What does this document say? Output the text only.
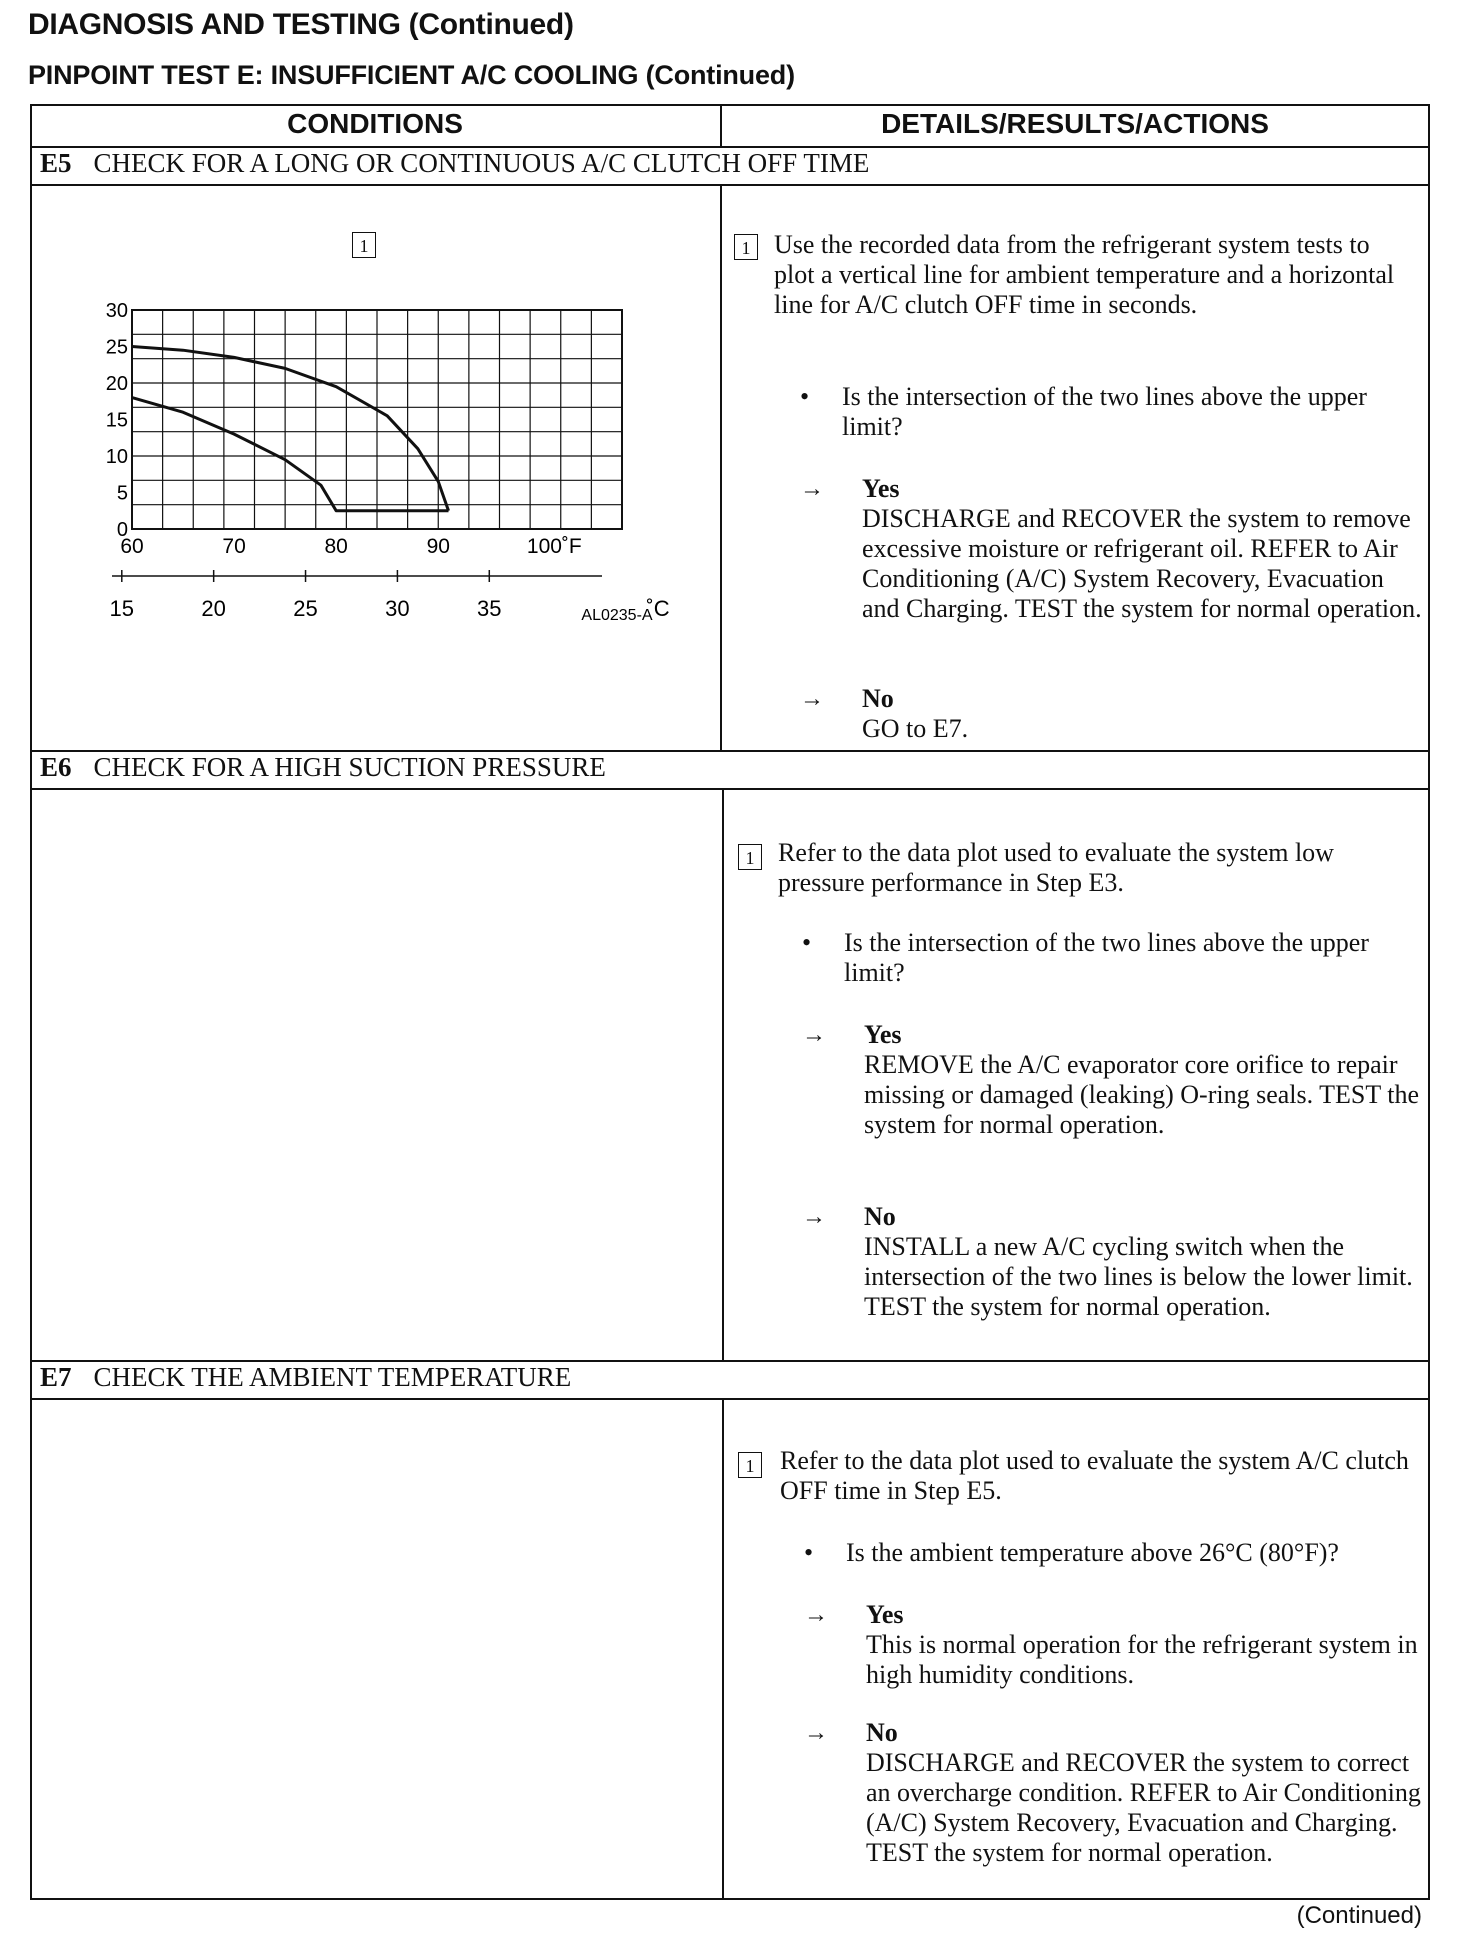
DIAGNOSIS AND TESTING (Continued)
PINPOINT TEST E: INSUFFICIENT A/C COOLING (Continued)
CONDITIONS	DETAILS/RESULTS/ACTIONS
E5 CHECK FOR A LONG OR CONTINUOUS A/C CLUTCH OFF TIME
1
0
5
10
15
20
25
30
60	70	80	90	100˚F
15	20	25	30	35	˚C
AL0235-A
1 Use the recorded data from the refrigerant system tests to plot a vertical line for ambient temperature and a horizontal line for A/C clutch OFF time in seconds.
• Is the intersection of the two lines above the upper limit?
→ Yes
DISCHARGE and RECOVER the system to remove excessive moisture or refrigerant oil. REFER to Air Conditioning (A/C) System Recovery, Evacuation and Charging. TEST the system for normal operation.
→ No
GO to E7.
E6 CHECK FOR A HIGH SUCTION PRESSURE
1 Refer to the data plot used to evaluate the system low pressure performance in Step E3.
• Is the intersection of the two lines above the upper limit?
→ Yes
REMOVE the A/C evaporator core orifice to repair missing or damaged (leaking) O-ring seals. TEST the system for normal operation.
→ No
INSTALL a new A/C cycling switch when the intersection of the two lines is below the lower limit. TEST the system for normal operation.
E7 CHECK THE AMBIENT TEMPERATURE
1 Refer to the data plot used to evaluate the system A/C clutch OFF time in Step E5.
• Is the ambient temperature above 26°C (80°F)?
→ Yes
This is normal operation for the refrigerant system in high humidity conditions.
→ No
DISCHARGE and RECOVER the system to correct an overcharge condition. REFER to Air Conditioning (A/C) System Recovery, Evacuation and Charging. TEST the system for normal operation.
(Continued)
